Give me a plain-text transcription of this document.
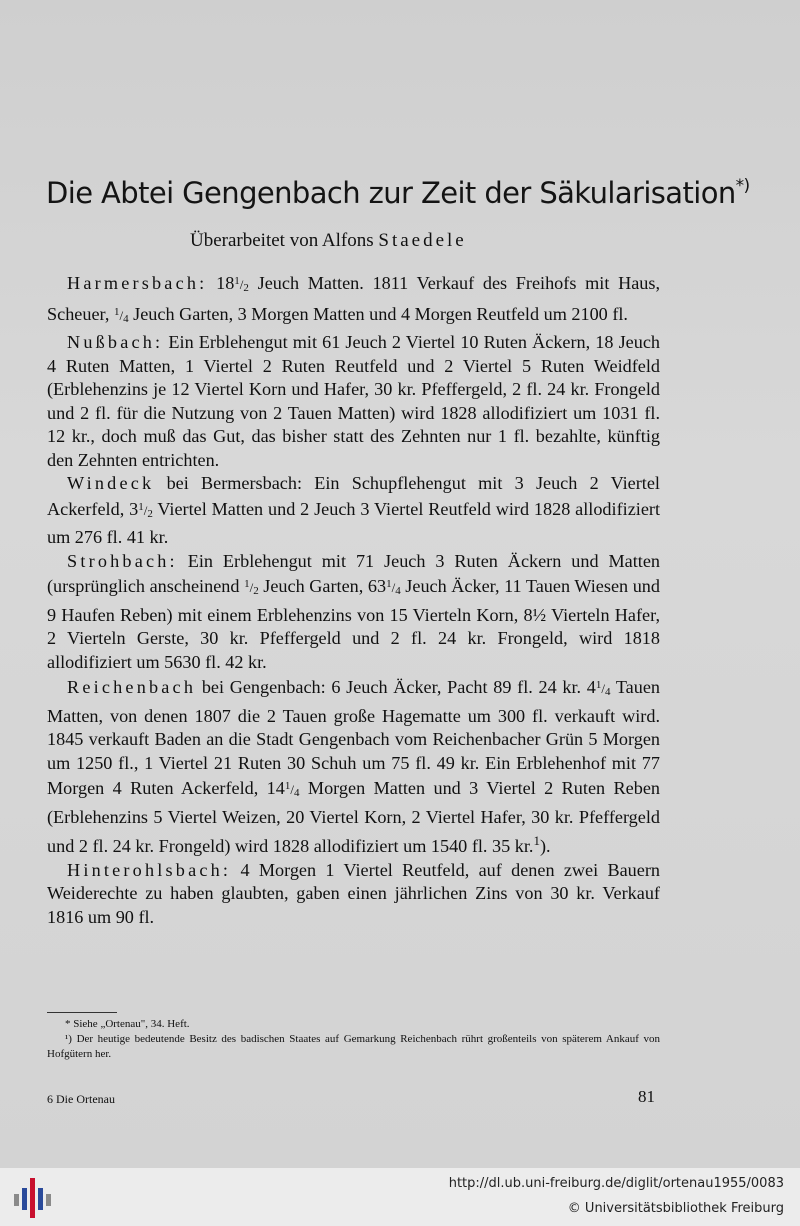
Die Abtei Gengenbach zur Zeit der Säkularisation*)
Überarbeitet von Alfons Staedele

Harmersbach: $18^1/_2$ Jeuch Matten. 1811 Verkauf des Freihofs mit Haus, Scheuer, $^1/_4$ Jeuch Garten, 3 Morgen Matten und 4 Morgen Reutfeld um 2100 fl.

Nußbach: Ein Erblehengut mit 61 Jeuch 2 Viertel 10 Ruten Äckern, 18 Jeuch 4 Ruten Matten, 1 Viertel 2 Ruten Reutfeld und 2 Viertel 5 Ruten Weidfeld (Erblehenzins je 12 Viertel Korn und Hafer, 30 kr. Pfeffergeld, 2 fl. 24 kr. Frongeld und 2 fl. für die Nutzung von 2 Tauen Matten) wird 1828 allodifiziert um 1031 fl. 12 kr., doch muß das Gut, das bisher statt des Zehnten nur 1 fl. bezahlte, künftig den Zehnten entrichten.

Windeck bei Bermersbach: Ein Schupflehengut mit 3 Jeuch 2 Viertel Ackerfeld, $3^1/_2$ Viertel Matten und 2 Jeuch 3 Viertel Reutfeld wird 1828 allodifiziert um 276 fl. 41 kr.

Strohbach: Ein Erblehengut mit 71 Jeuch 3 Ruten Äckern und Matten (ursprünglich anscheinend $^1/_2$ Jeuch Garten, $63^1/_4$ Jeuch Äcker, 11 Tauen Wiesen und 9 Haufen Reben) mit einem Erblehenzins von 15 Vierteln Korn, 8½ Vierteln Hafer, 2 Vierteln Gerste, 30 kr. Pfeffergeld und 2 fl. 24 kr. Frongeld, wird 1818 allodifiziert um 5630 fl. 42 kr.

Reichenbach bei Gengenbach: 6 Jeuch Äcker, Pacht 89 fl. 24 kr. $4^1/_4$ Tauen Matten, von denen 1807 die 2 Tauen große Hagematte um 300 fl. verkauft wird. 1845 verkauft Baden an die Stadt Gengenbach vom Reichenbacher Grün 5 Morgen um 1250 fl., 1 Viertel 21 Ruten 30 Schuh um 75 fl. 49 kr. Ein Erblehenhof mit 77 Morgen 4 Ruten Ackerfeld, $14^1/_4$ Morgen Matten und 3 Viertel 2 Ruten Reben (Erblehenzins 5 Viertel Weizen, 20 Viertel Korn, 2 Viertel Hafer, 30 kr. Pfeffergeld und 2 fl. 24 kr. Frongeld) wird 1828 allodifiziert um 1540 fl. 35 kr.$^1$).

Hinterohlsbach: 4 Morgen 1 Viertel Reutfeld, auf denen zwei Bauern Weiderechte zu haben glaubten, gaben einen jährlichen Zins von 30 kr. Verkauf 1816 um 90 fl.

* Siehe „Ortenau", 34. Heft.

¹) Der heutige bedeutende Besitz des badischen Staates auf Gemarkung Reichenbach rührt großenteils von späterem Ankauf von Hofgütern her.

6 Die Ortenau	81
http://dl.ub.uni-freiburg.de/diglit/ortenau1955/0083
© Universitätsbibliothek Freiburg
